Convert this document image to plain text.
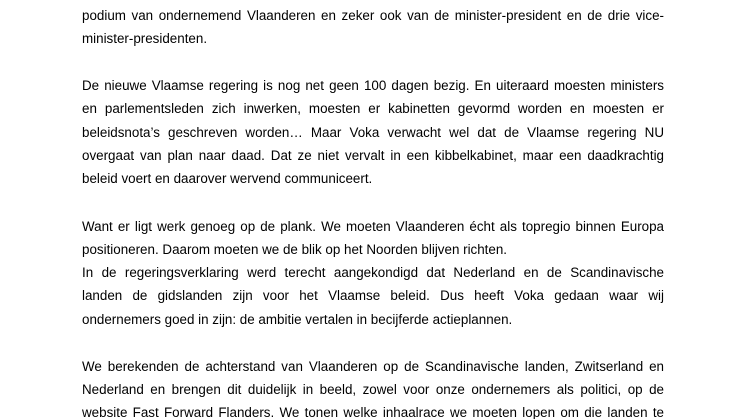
podium van ondernemend Vlaanderen en zeker ook van de minister-president en de drie vice-
minister-presidenten.
De nieuwe Vlaamse regering is nog net geen 100 dagen bezig. En uiteraard moesten ministers
en parlementsleden zich inwerken, moesten er kabinetten gevormd worden en moesten er
beleidsnota’s geschreven worden… Maar Voka verwacht wel dat de Vlaamse regering NU
overgaat van plan naar daad. Dat ze niet vervalt in een kibbelkabinet, maar een daadkrachtig
beleid voert en daarover wervend communiceert.
Want er ligt werk genoeg op de plank. We moeten Vlaanderen écht als topregio binnen Europa
positioneren. Daarom moeten we de blik op het Noorden blijven richten.
In de regeringsverklaring werd terecht aangekondigd dat Nederland en de Scandinavische
landen de gidslanden zijn voor het Vlaamse beleid. Dus heeft Voka gedaan waar wij
ondernemers goed in zijn: de ambitie vertalen in becijferde actieplannen.
We berekenden de achterstand van Vlaanderen op de Scandinavische landen, Zwitserland en
Nederland en brengen dit duidelijk in beeld, zowel voor onze ondernemers als politici, op de
website Fast Forward Flanders. We tonen welke inhaalrace we moeten lopen om die landen te
